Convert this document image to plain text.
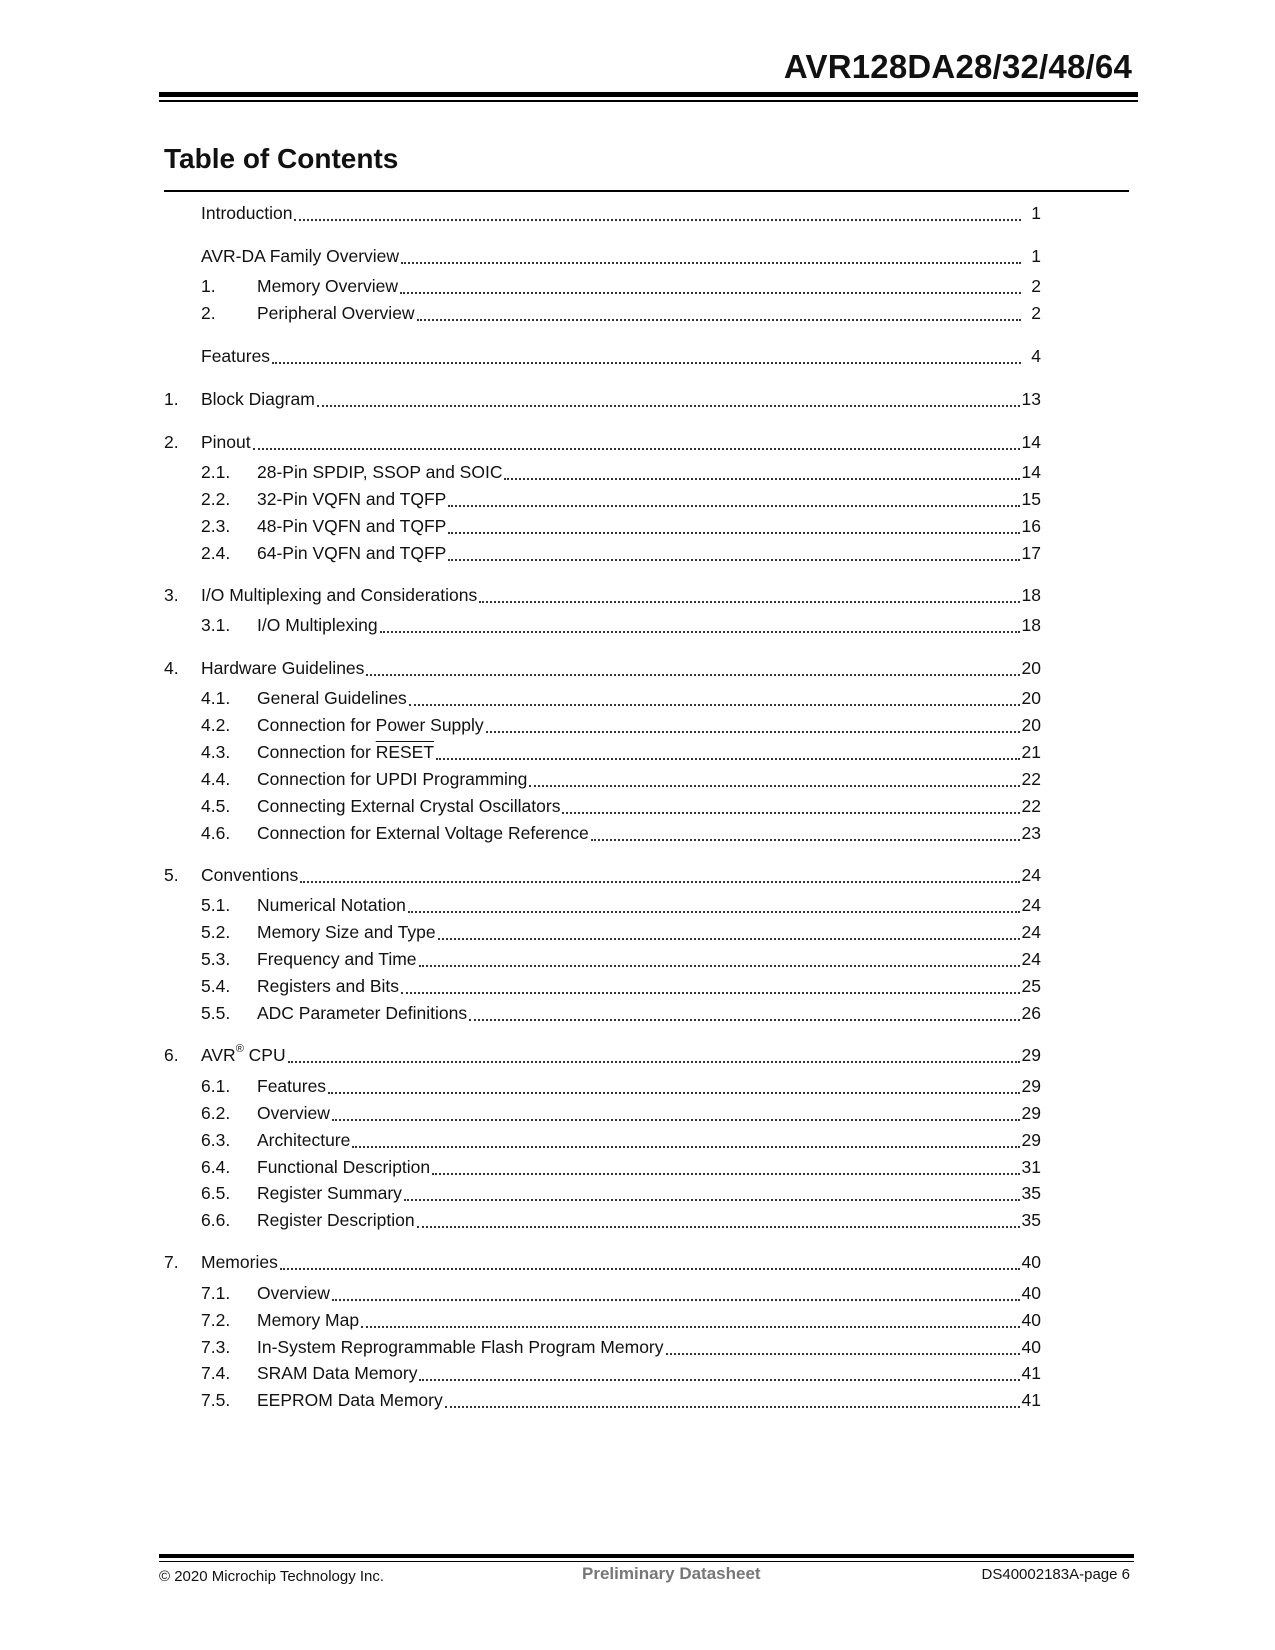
AVR128DA28/32/48/64
Table of Contents
Introduction	1
AVR-DA Family Overview	1
1.	Memory Overview	2
2.	Peripheral Overview	2
Features	4
1.	Block Diagram	13
2.	Pinout	14
2.1.	28-Pin SPDIP, SSOP and SOIC	14
2.2.	32-Pin VQFN and TQFP	15
2.3.	48-Pin VQFN and TQFP	16
2.4.	64-Pin VQFN and TQFP	17
3.	I/O Multiplexing and Considerations	18
3.1.	I/O Multiplexing	18
4.	Hardware Guidelines	20
4.1.	General Guidelines	20
4.2.	Connection for Power Supply	20
4.3.	Connection for RESET	21
4.4.	Connection for UPDI Programming	22
4.5.	Connecting External Crystal Oscillators	22
4.6.	Connection for External Voltage Reference	23
5.	Conventions	24
5.1.	Numerical Notation	24
5.2.	Memory Size and Type	24
5.3.	Frequency and Time	24
5.4.	Registers and Bits	25
5.5.	ADC Parameter Definitions	26
6.	AVR® CPU	29
6.1.	Features	29
6.2.	Overview	29
6.3.	Architecture	29
6.4.	Functional Description	31
6.5.	Register Summary	35
6.6.	Register Description	35
7.	Memories	40
7.1.	Overview	40
7.2.	Memory Map	40
7.3.	In-System Reprogrammable Flash Program Memory	40
7.4.	SRAM Data Memory	41
7.5.	EEPROM Data Memory	41
© 2020 Microchip Technology Inc.	Preliminary Datasheet	DS40002183A-page 6
